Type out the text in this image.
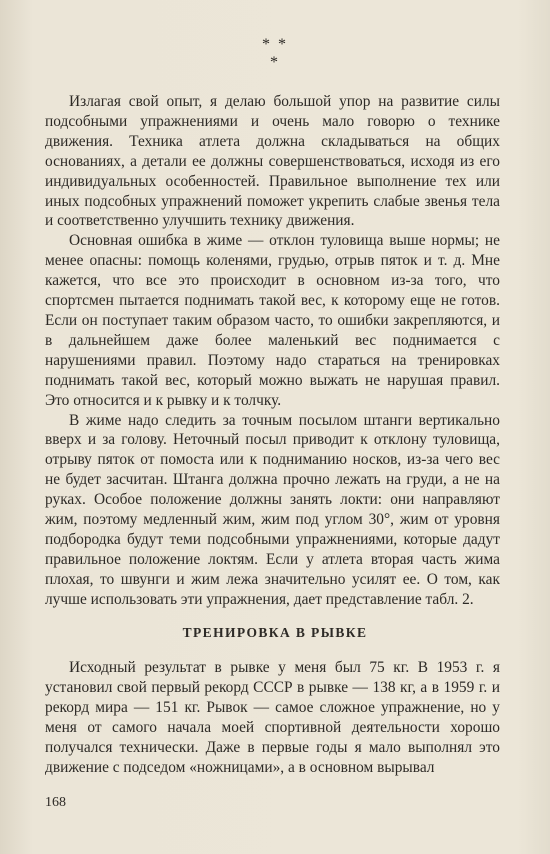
* *
*

Излагая свой опыт, я делаю большой упор на развитие силы подсобными упражнениями и очень мало говорю о технике движения. Техника атлета должна складываться на общих основаниях, а детали ее должны совершенствоваться, исходя из его индивидуальных особенностей. Правильное выполнение тех или иных подсобных упражнений поможет укрепить слабые звенья тела и соответственно улучшить технику движения.

Основная ошибка в жиме — отклон туловища выше нормы; не менее опасны: помощь коленями, грудью, отрыв пяток и т. д. Мне кажется, что все это происходит в основном из-за того, что спортсмен пытается поднимать такой вес, к которому еще не готов. Если он поступает таким образом часто, то ошибки закрепляются, и в дальнейшем даже более маленький вес поднимается с нарушениями правил. Поэтому надо стараться на тренировках поднимать такой вес, который можно выжать не нарушая правил. Это относится и к рывку и к толчку.

В жиме надо следить за точным посылом штанги вертикально вверх и за голову. Неточный посыл приводит к отклону туловища, отрыву пяток от помоста или к подниманию носков, из-за чего вес не будет засчитан. Штанга должна прочно лежать на груди, а не на руках. Особое положение должны занять локти: они направляют жим, поэтому медленный жим, жим под углом 30°, жим от уровня подбородка будут теми подсобными упражнениями, которые дадут правильное положение локтям. Если у атлета вторая часть жима плохая, то швунги и жим лежа значительно усилят ее. О том, как лучше использовать эти упражнения, дает представление табл. 2.

ТРЕНИРОВКА В РЫВКЕ

Исходный результат в рывке у меня был 75 кг. В 1953 г. я установил свой первый рекорд СССР в рывке — 138 кг, а в 1959 г. и рекорд мира — 151 кг. Рывок — самое сложное упражнение, но у меня от самого начала моей спортивной деятельности хорошо получался технически. Даже в первые годы я мало выполнял это движение с подседом «ножницами», а в основном вырывал

168
